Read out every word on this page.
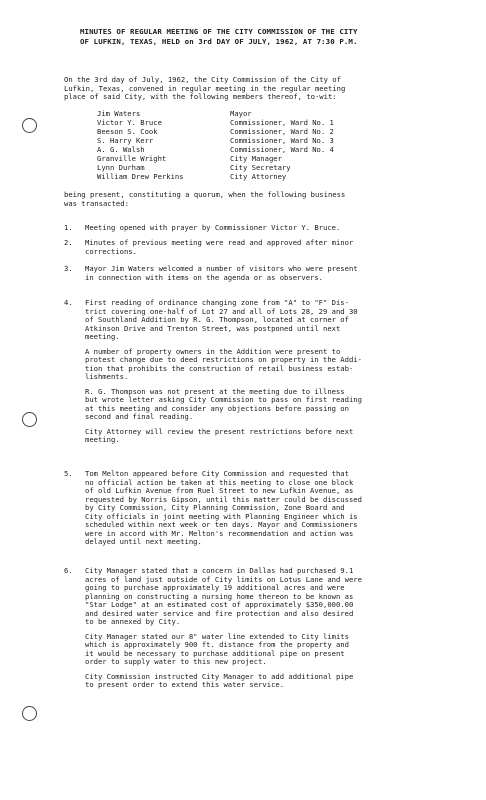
MINUTES OF REGULAR MEETING OF THE CITY COMMISSION OF THE CITY
OF LUFKIN, TEXAS, HELD on 3rd DAY OF JULY, 1962, AT 7:30 P.M.
On the 3rd day of July, 1962, the City Commission of the City of
Lufkin, Texas, convened in regular meeting in the regular meeting
place of said City, with the following members thereof, to-wit:
Jim Waters	Mayor
Victor Y. Bruce	Commissioner, Ward No. 1
Beeson S. Cook	Commissioner, Ward No. 2
S. Harry Kerr	Commissioner, Ward No. 3
A. G. Walsh	Commissioner, Ward No. 4
Granville Wright	City Manager
Lynn Durham	City Secretary
William Drew Perkins	City Attorney
being present, constituting a quorum, when the following business
was transacted:
1. Meeting opened with prayer by Commissioner Victor Y. Bruce.
2. Minutes of previous meeting were read and approved after minor
corrections.
3. Mayor Jim Waters welcomed a number of visitors who were present
in connection with items on the agenda or as observers.
4. First reading of ordinance changing zone from "A" to "F" Dis-
trict covering one-half of Lot 27 and all of Lots 28, 29 and 30
of Southland Addition by R. G. Thompson, located at corner of
Atkinson Drive and Trenton Street, was postponed until next
meeting.
A number of property owners in the Addition were present to
protest change due to deed restrictions on property in the Addi-
tion that prohibits the construction of retail business estab-
lishments.
R. G. Thompson was not present at the meeting due to illness
but wrote letter asking City Commission to pass on first reading
at this meeting and consider any objections before passing on
second and final reading.
City Attorney will review the present restrictions before next
meeting.
5. Tom Melton appeared before City Commission and requested that
no official action be taken at this meeting to close one block
of old Lufkin Avenue from Ruel Street to new Lufkin Avenue, as
requested by Norris Gipson, until this matter could be discussed
by City Commission, City Planning Commission, Zone Board and
City officials in joint meeting with Planning Engineer which is
scheduled within next week or ten days. Mayor and Commissioners
were in accord with Mr. Melton's recommendation and action was
delayed until next meeting.
6. City Manager stated that a concern in Dallas had purchased 9.1
acres of land just outside of City limits on Lotus Lane and were
going to purchase approximately 19 additional acres and were
planning on constructing a nursing home thereon to be known as
"Star Lodge" at an estimated cost of approximately $350,000.00
and desired water service and fire protection and also desired
to be annexed by City.
City Manager stated our 8" water line extended to City limits
which is approximately 900 ft. distance from the property and
it would be necessary to purchase additional pipe on present
order to supply water to this new project.
City Commission instructed City Manager to add additional pipe
to present order to extend this water service.
